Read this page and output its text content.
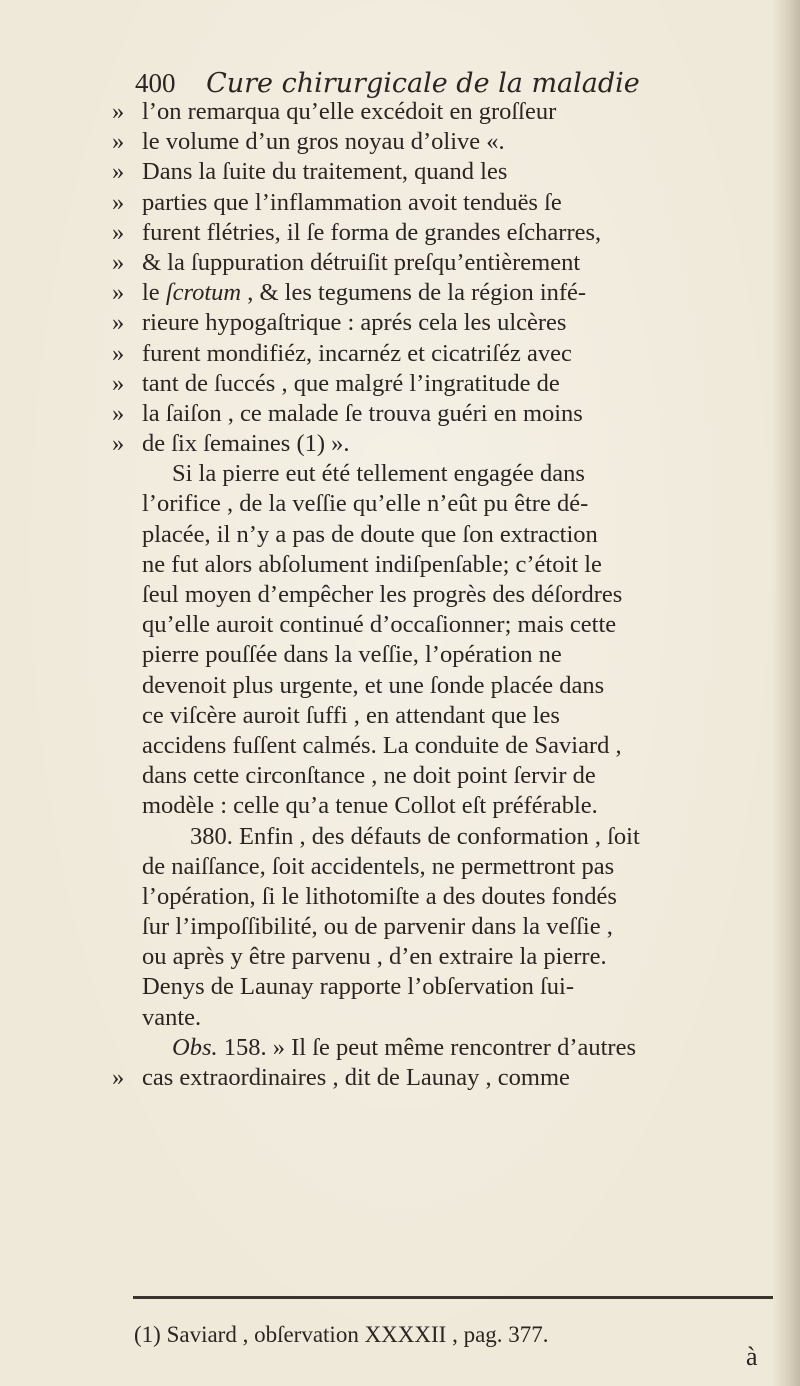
400 Cure chirurgicale de la maladie
» l’on remarqua qu’elle excédoit en groſſeur
» le volume d’un gros noyau d’olive «.
» Dans la ſuite du traitement, quand les
» parties que l’inflammation avoit tenduës ſe
» furent flétries, il ſe forma de grandes eſcharres,
» & la ſuppuration détruiſit preſqu’entièrement
» le ſcrotum , & les tegumens de la région infé-
» rieure hypogaſtrique : aprés cela les ulcères
» furent mondifiéz, incarnéz et cicatriſéz avec
» tant de ſuccés , que malgré l’ingratitude de
» la ſaiſon , ce malade ſe trouva guéri en moins
» de ſix ſemaines (1) ».
Si la pierre eut été tellement engagée dans
l’orifice , de la veſſie qu’elle n’eût pu être dé-
placée, il n’y a pas de doute que ſon extraction
ne fut alors abſolument indiſpenſable; c’étoit le
ſeul moyen d’empêcher les progrès des déſordres
qu’elle auroit continué d’occaſionner; mais cette
pierre pouſſée dans la veſſie, l’opération ne
devenoit plus urgente, et une ſonde placée dans
ce viſcère auroit ſuffi , en attendant que les
accidens fuſſent calmés. La conduite de Saviard ,
dans cette circonſtance , ne doit point ſervir de
modèle : celle qu’a tenue Collot eſt préférable.
380. Enfin , des défauts de conformation , ſoit
de naiſſance, ſoit accidentels, ne permettront pas
l’opération, ſi le lithotomiſte a des doutes fondés
ſur l’impoſſibilité, ou de parvenir dans la veſſie ,
ou après y être parvenu , d’en extraire la pierre.
Denys de Launay rapporte l’obſervation ſui-
vante.
Obs. 158. » Il ſe peut même rencontrer d’autres
» cas extraordinaires , dit de Launay , comme
(1) Saviard , obſervation XXXXII , pag. 377.
à
